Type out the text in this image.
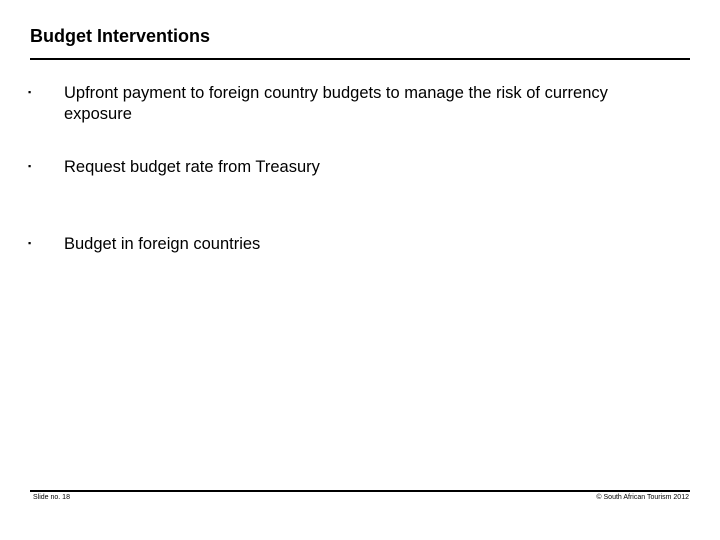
Budget Interventions
▪ Upfront payment to foreign country budgets to manage the risk of currency exposure
▪ Request budget rate from Treasury
▪ Budget in foreign countries
Slide no. 18	© South African Tourism 2012
